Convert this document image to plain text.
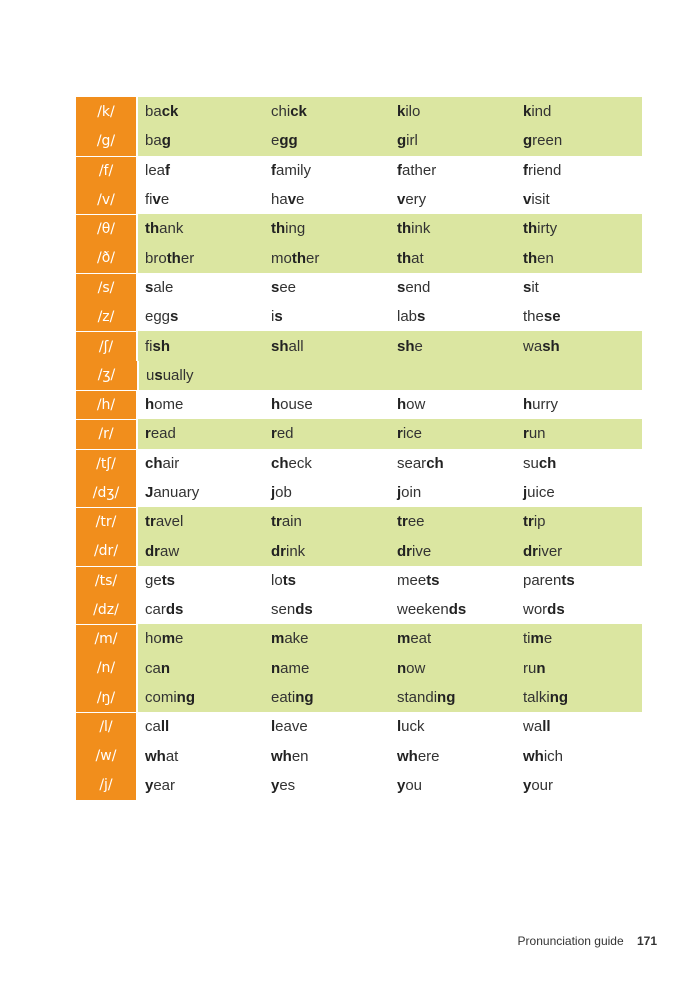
/k/	back	chick	kilo	kind
/g/	bag	egg	girl	green
/f/	leaf	family	father	friend
/v/	five	have	very	visit
/θ/	thank	thing	think	thirty
/ð/	brother	mother	that	then
/s/	sale	see	send	sit
/z/	eggs	is	labs	these
/ʃ/	fish	shall	she	wash
/ʒ/	usually
/h/	home	house	how	hurry
/r/	read	red	rice	run
/tʃ/	chair	check	search	such
/dʒ/	January	job	join	juice
/tr/	travel	train	tree	trip
/dr/	draw	drink	drive	driver
/ts/	gets	lots	meets	parents
/dz/	cards	sends	weekends	words
/m/	home	make	meat	time
/n/	can	name	now	run
/ŋ/	coming	eating	standing	talking
/l/	call	leave	luck	wall
/w/	what	when	where	which
/j/	year	yes	you	your
Pronunciation guide 171
